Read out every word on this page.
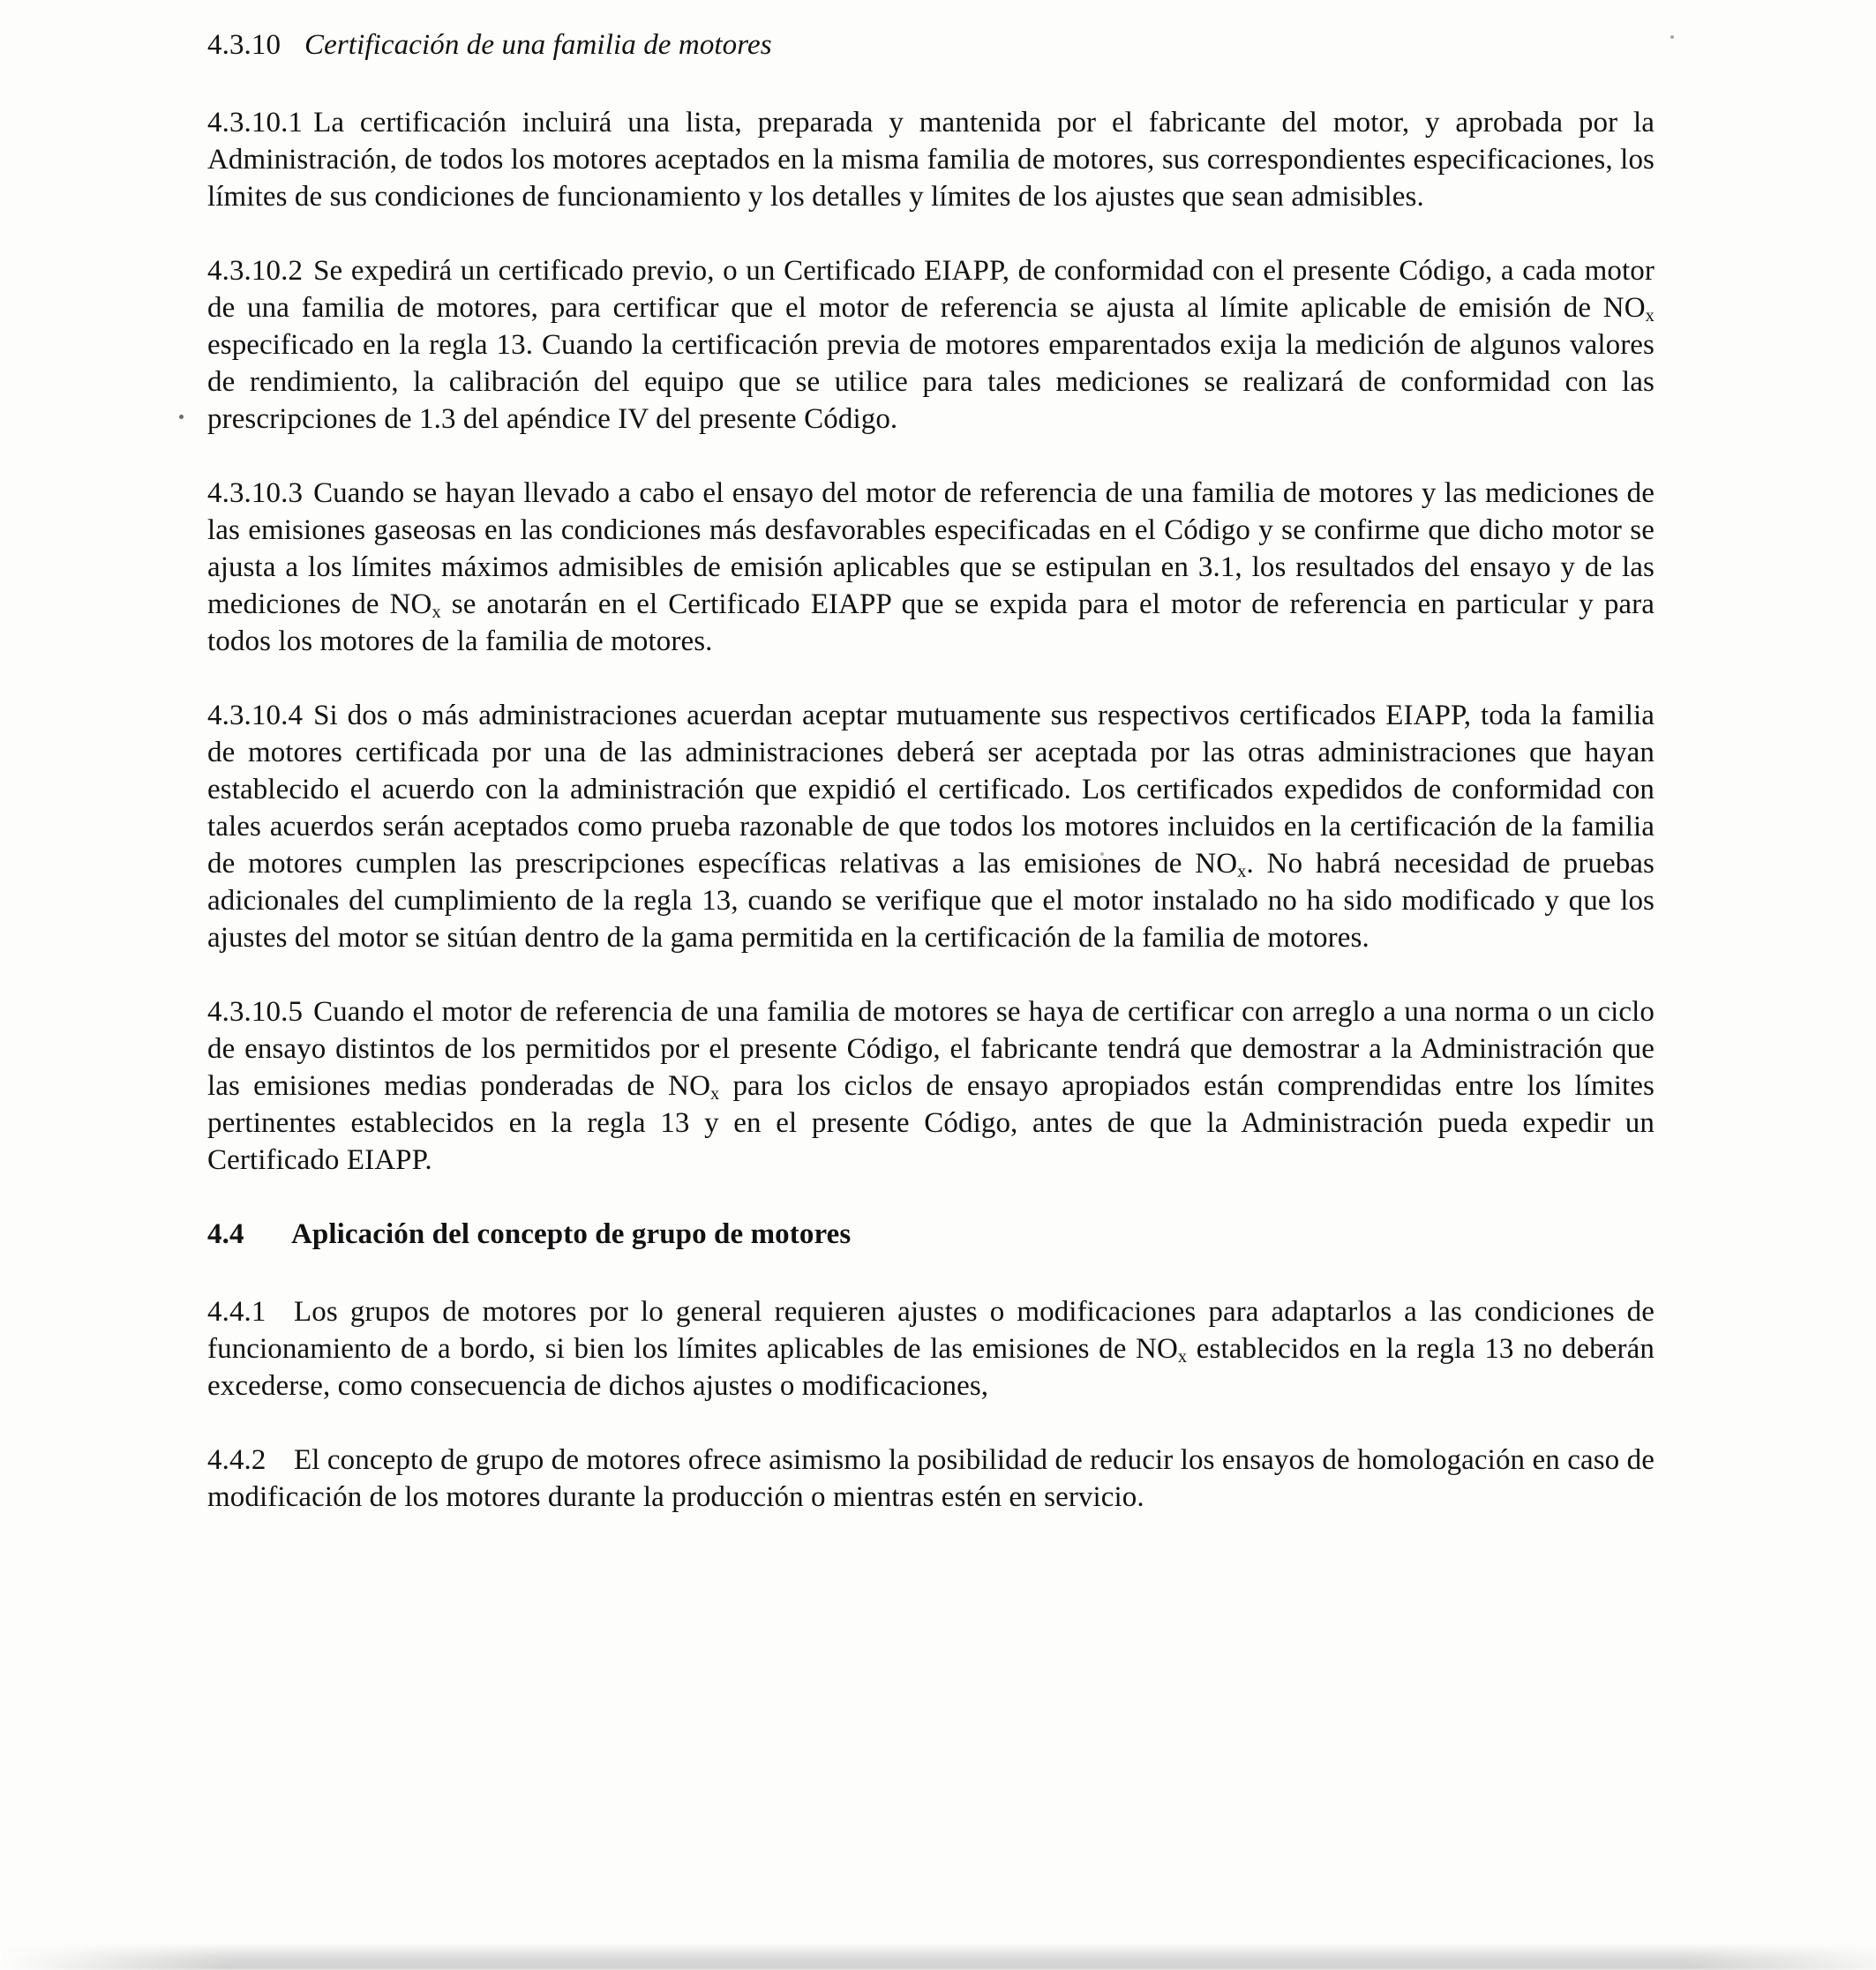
4.3.10 Certificación de una familia de motores

4.3.10.1 La certificación incluirá una lista, preparada y mantenida por el fabricante del motor, y aprobada por la Administración, de todos los motores aceptados en la misma familia de motores, sus correspondientes especificaciones, los límites de sus condiciones de funcionamiento y los detalles y límites de los ajustes que sean admisibles.

4.3.10.2 Se expedirá un certificado previo, o un Certificado EIAPP, de conformidad con el presente Código, a cada motor de una familia de motores, para certificar que el motor de referencia se ajusta al límite aplicable de emisión de $NO_x$ especificado en la regla 13. Cuando la certificación previa de motores emparentados exija la medición de algunos valores de rendimiento, la calibración del equipo que se utilice para tales mediciones se realizará de conformidad con las prescripciones de 1.3 del apéndice IV del presente Código.

4.3.10.3 Cuando se hayan llevado a cabo el ensayo del motor de referencia de una familia de motores y las mediciones de las emisiones gaseosas en las condiciones más desfavorables especificadas en el Código y se confirme que dicho motor se ajusta a los límites máximos admisibles de emisión aplicables que se estipulan en 3.1, los resultados del ensayo y de las mediciones de $NO_x$ se anotarán en el Certificado EIAPP que se expida para el motor de referencia en particular y para todos los motores de la familia de motores.

4.3.10.4 Si dos o más administraciones acuerdan aceptar mutuamente sus respectivos certificados EIAPP, toda la familia de motores certificada por una de las administraciones deberá ser aceptada por las otras administraciones que hayan establecido el acuerdo con la administración que expidió el certificado. Los certificados expedidos de conformidad con tales acuerdos serán aceptados como prueba razonable de que todos los motores incluidos en la certificación de la familia de motores cumplen las prescripciones específicas relativas a las emisiones de $NO_x$. No habrá necesidad de pruebas adicionales del cumplimiento de la regla 13, cuando se verifique que el motor instalado no ha sido modificado y que los ajustes del motor se sitúan dentro de la gama permitida en la certificación de la familia de motores.

4.3.10.5 Cuando el motor de referencia de una familia de motores se haya de certificar con arreglo a una norma o un ciclo de ensayo distintos de los permitidos por el presente Código, el fabricante tendrá que demostrar a la Administración que las emisiones medias ponderadas de $NO_x$ para los ciclos de ensayo apropiados están comprendidas entre los límites pertinentes establecidos en la regla 13 y en el presente Código, antes de que la Administración pueda expedir un Certificado EIAPP.

4.4 Aplicación del concepto de grupo de motores

4.4.1 Los grupos de motores por lo general requieren ajustes o modificaciones para adaptarlos a las condiciones de funcionamiento de a bordo, si bien los límites aplicables de las emisiones de $NO_x$ establecidos en la regla 13 no deberán excederse, como consecuencia de dichos ajustes o modificaciones,

4.4.2 El concepto de grupo de motores ofrece asimismo la posibilidad de reducir los ensayos de homologación en caso de modificación de los motores durante la producción o mientras estén en servicio.
